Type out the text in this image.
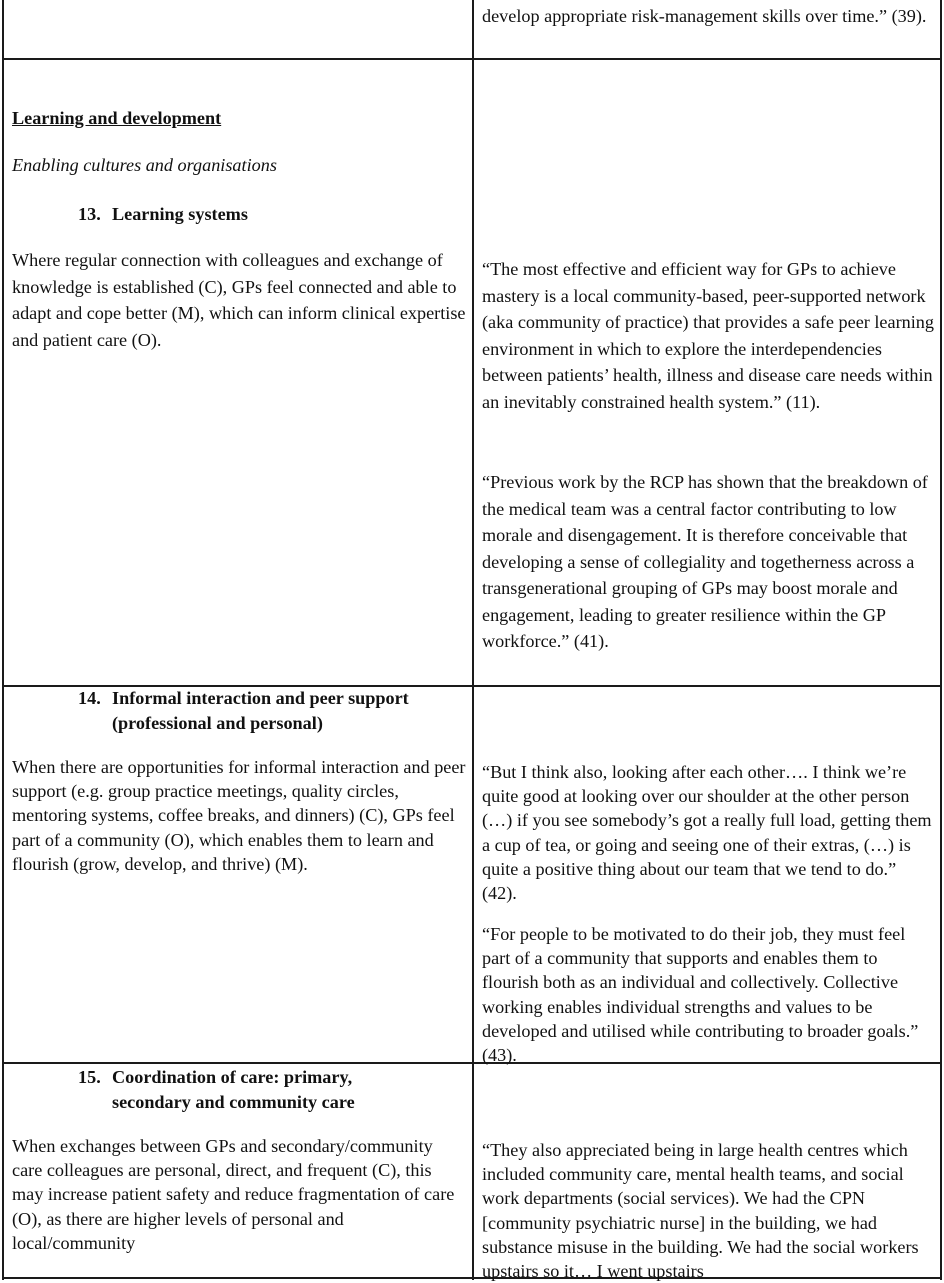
develop appropriate risk-management skills over time.” (39).

Learning and development
Enabling cultures and organisations
13. Learning systems

Where regular connection with colleagues and exchange of knowledge is established (C), GPs feel connected and able to adapt and cope better (M), which can inform clinical expertise and patient care (O).

“The most effective and efficient way for GPs to achieve mastery is a local community-based, peer-supported network (aka community of practice) that provides a safe peer learning environment in which to explore the interdependencies between patients’ health, illness and disease care needs within an inevitably constrained health system.” (11).

“Previous work by the RCP has shown that the breakdown of the medical team was a central factor contributing to low morale and disengagement. It is therefore conceivable that developing a sense of collegiality and togetherness across a transgenerational grouping of GPs may boost morale and engagement, leading to greater resilience within the GP workforce.” (41).

14. Informal interaction and peer support
(professional and personal)

When there are opportunities for informal interaction and peer support (e.g. group practice meetings, quality circles, mentoring systems, coffee breaks, and dinners) (C), GPs feel part of a community (O), which enables them to learn and flourish (grow, develop, and thrive) (M).

“But I think also, looking after each other…. I think we’re quite good at looking over our shoulder at the other person (…) if you see somebody’s got a really full load, getting them a cup of tea, or going and seeing one of their extras, (…) is quite a positive thing about our team that we tend to do.” (42).

“For people to be motivated to do their job, they must feel part of a community that supports and enables them to flourish both as an individual and collectively. Collective working enables individual strengths and values to be developed and utilised while contributing to broader goals.” (43).

15. Coordination of care: primary,
secondary and community care

When exchanges between GPs and secondary/community care colleagues are personal, direct, and frequent (C), this may increase patient safety and reduce fragmentation of care (O), as there are higher levels of personal and local/community

“They also appreciated being in large health centres which included community care, mental health teams, and social work departments (social services). We had the CPN [community psychiatric nurse] in the building, we had substance misuse in the building. We had the social workers upstairs so it… I went upstairs
